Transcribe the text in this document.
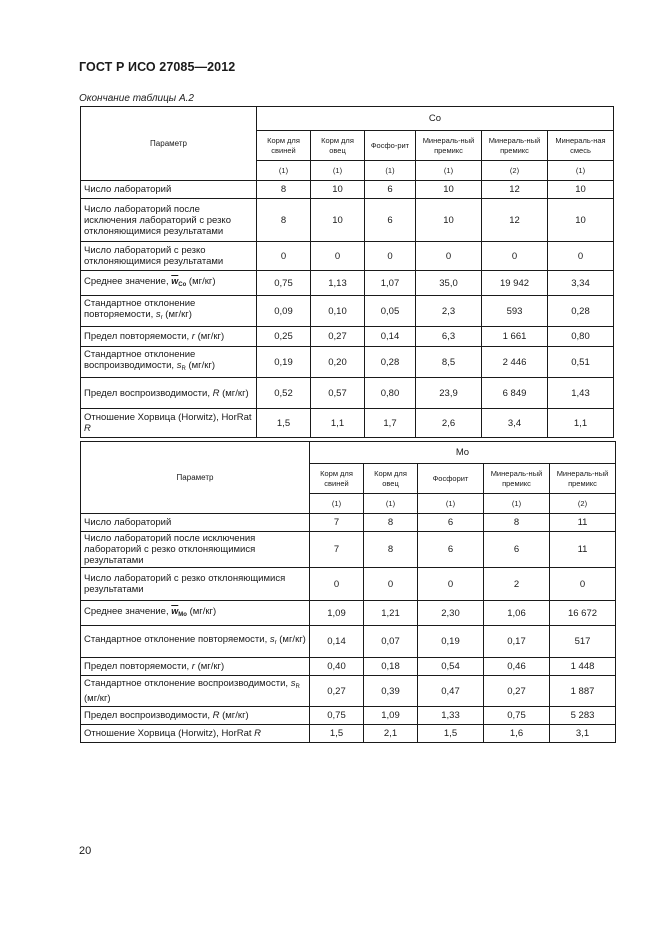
ГОСТ Р ИСО 27085—2012
Окончание таблицы А.2
Параметр	Co					
	Корм для свиней	Корм для овец	Фосфо-рит	Минераль-ный премикс	Минераль-ный премикс	Минераль-ная смесь
	(1)	(1)	(1)	(1)	(2)	(1)
Число лабораторий	8	10	6	10	12	10
Число лабораторий после исключения лабораторий с резко отклоняющимися результатами	8	10	6	10	12	10
Число лабораторий с резко отклоняющимися результатами	0	0	0	0	0	0
Среднее значение, $\overline{w}_{Co}$ (мг/кг)	0,75	1,13	1,07	35,0	19 942	3,34
Стандартное отклонение повторяемости, $s_r$ (мг/кг)	0,09	0,10	0,05	2,3	593	0,28
Предел повторяемости, r (мг/кг)	0,25	0,27	0,14	6,3	1 661	0,80
Стандартное отклонение воспроизводимости, $s_R$ (мг/кг)	0,19	0,20	0,28	8,5	2 446	0,51
Предел воспроизводимости, R (мг/кг)	0,52	0,57	0,80	23,9	6 849	1,43
Отношение Хорвица (Horwitz), HorRat R	1,5	1,1	1,7	2,6	3,4	1,1
Параметр	Mo				
	Корм для свиней	Корм для овец	Фосфорит	Минераль-ный премикс	Минераль-ный премикс
	(1)	(1)	(1)	(1)	(2)
Число лабораторий	7	8	6	8	11
Число лабораторий после исключения лабораторий с резко отклоняющимися результатами	7	8	6	6	11
Число лабораторий с резко отклоняющимися результатами	0	0	0	2	0
Среднее значение, $\overline{w}_{Mo}$ (мг/кг)	1,09	1,21	2,30	1,06	16 672
Стандартное отклонение повторяемости, $s_r$ (мг/кг)	0,14	0,07	0,19	0,17	517
Предел повторяемости, r (мг/кг)	0,40	0,18	0,54	0,46	1 448
Стандартное отклонение воспроизводимости, $s_R$ (мг/кг)	0,27	0,39	0,47	0,27	1 887
Предел воспроизводимости, R (мг/кг)	0,75	1,09	1,33	0,75	5 283
Отношение Хорвица (Horwitz), HorRat R	1,5	2,1	1,5	1,6	3,1
20
